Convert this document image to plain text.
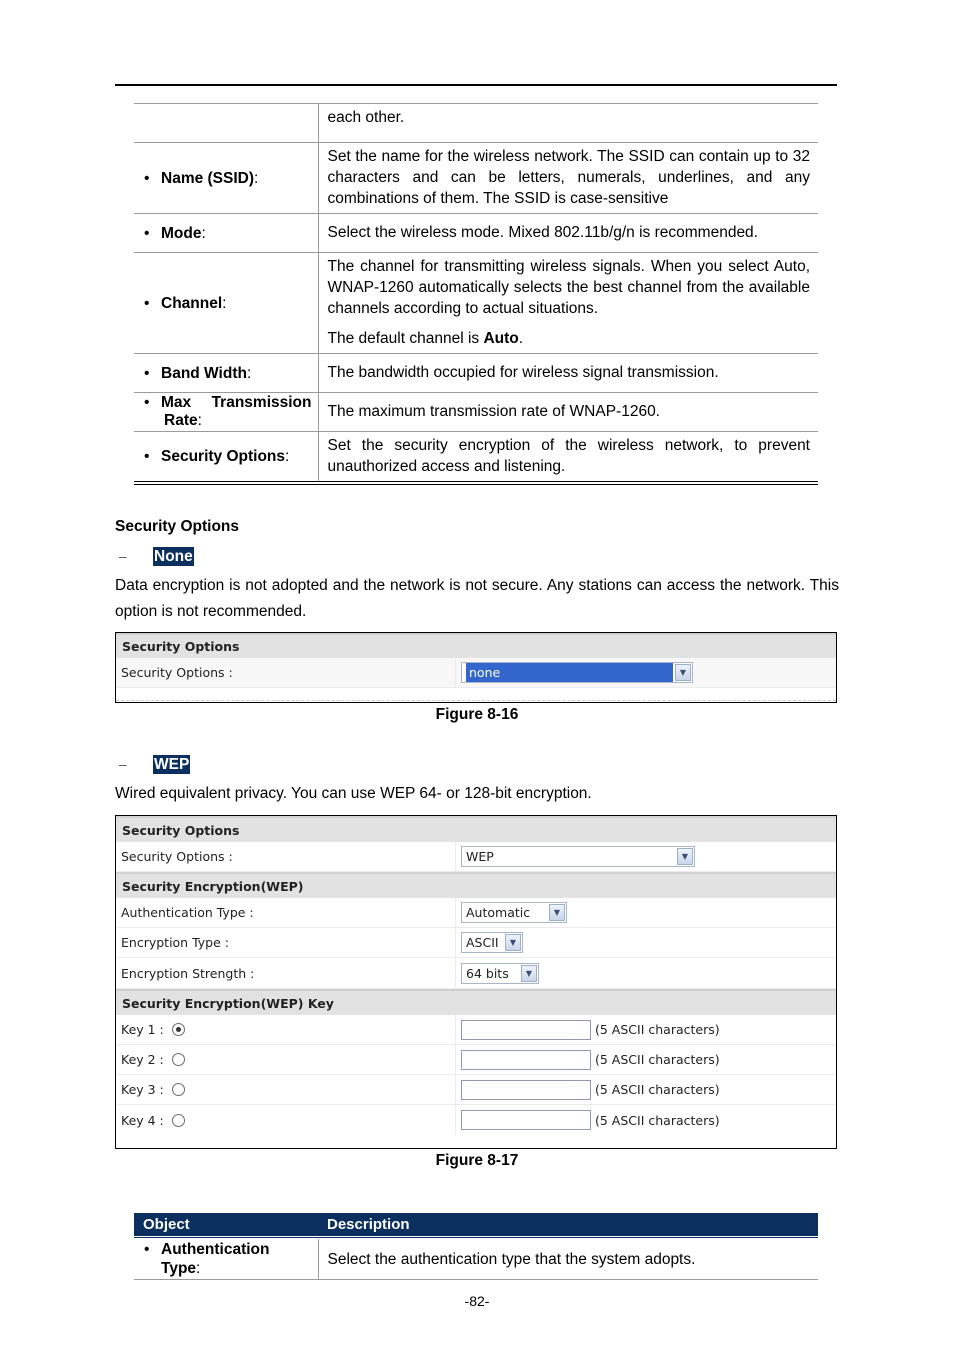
	each other.
• Name (SSID):	Set the name for the wireless network. The SSID can contain up to 32 characters and can be letters, numerals, underlines, and any combinations of them. The SSID is case-sensitive
• Mode:	Select the wireless mode. Mixed 802.11b/g/n is recommended.
• Channel:	The channel for transmitting wireless signals. When you select Auto, WNAP-1260 automatically selects the best channel from the available channels according to actual situations.
The default channel is Auto.

• Band Width:	The bandwidth occupied for wireless signal transmission.

• Max Transmission
Rate:	The maximum transmission rate of WNAP-1260.
• Security Options:	Set the security encryption of the wireless network, to prevent unauthorized access and listening.
Security Options
– None
Data encryption is not adopted and the network is not secure. Any stations can access the network. This option is not recommended.
Security Options
Security Options :	none	▼
Figure 8-16
– WEP
Wired equivalent privacy. You can use WEP 64- or 128-bit encryption.
Security Options
Security Options :	WEP	▼
Security Encryption(WEP)
Authentication Type :	Automatic	▼
Encryption Type :	ASCII	▼
Encryption Strength :	64 bits	▼
Security Encryption(WEP) Key
Key 1 :	(5 ASCII characters)
Key 2 :	(5 ASCII characters)
Key 3 :	(5 ASCII characters)
Key 4 :	(5 ASCII characters)
Figure 8-17
Object	Description

• Authentication
Type:	Select the authentication type that the system adopts.
-82-
